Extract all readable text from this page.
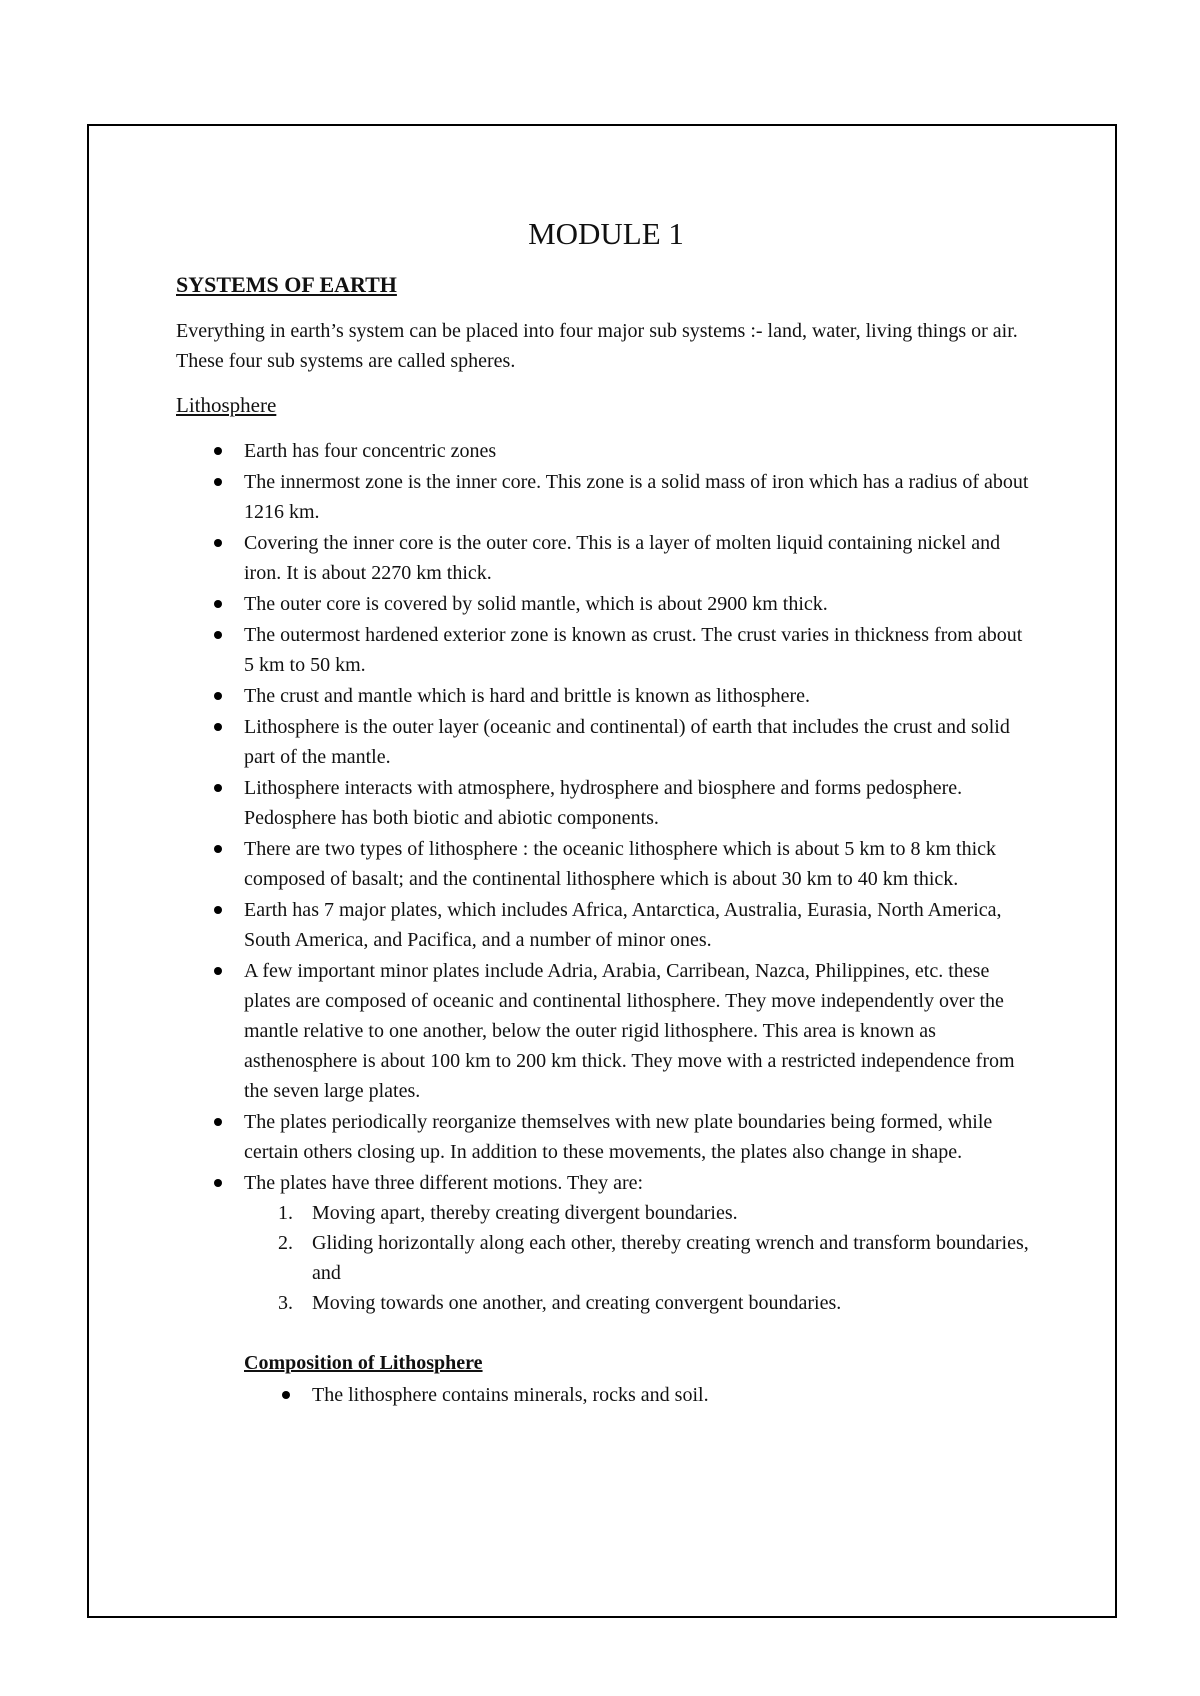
MODULE 1
SYSTEMS OF EARTH

Everything in earth’s system can be placed into four major sub systems :- land, water, living things or air. These four sub systems are called spheres.

Lithosphere
Earth has four concentric zones
The innermost zone is the inner core. This zone is a solid mass of iron which has a radius of about 1216 km.
Covering the inner core is the outer core. This is a layer of molten liquid containing nickel and iron. It is about 2270 km thick.
The outer core is covered by solid mantle, which is about 2900 km thick.
The outermost hardened exterior zone is known as crust. The crust varies in thickness from about 5 km to 50 km.
The crust and mantle which is hard and brittle is known as lithosphere.
Lithosphere is the outer layer (oceanic and continental) of earth that includes the crust and solid part of the mantle.
Lithosphere interacts with atmosphere, hydrosphere and biosphere and forms pedosphere. Pedosphere has both biotic and abiotic components.
There are two types of lithosphere : the oceanic lithosphere which is about 5 km to 8 km thick composed of basalt; and the continental lithosphere which is about 30 km to 40 km thick.
Earth has 7 major plates, which includes Africa, Antarctica, Australia, Eurasia, North America, South America, and Pacifica, and a number of minor ones.
A few important minor plates include Adria, Arabia, Carribean, Nazca, Philippines, etc. these plates are composed of oceanic and continental lithosphere. They move independently over the mantle relative to one another, below the outer rigid lithosphere. This area is known as asthenosphere is about 100 km to 200 km thick. They move with a restricted independence from the seven large plates.
The plates periodically reorganize themselves with new plate boundaries being formed, while certain others closing up. In addition to these movements, the plates also change in shape.
The plates have three different motions. They are:
1. Moving apart, thereby creating divergent boundaries.
2. Gliding horizontally along each other, thereby creating wrench and transform boundaries, and
3. Moving towards one another, and creating convergent boundaries.
Composition of Lithosphere
The lithosphere contains minerals, rocks and soil.
